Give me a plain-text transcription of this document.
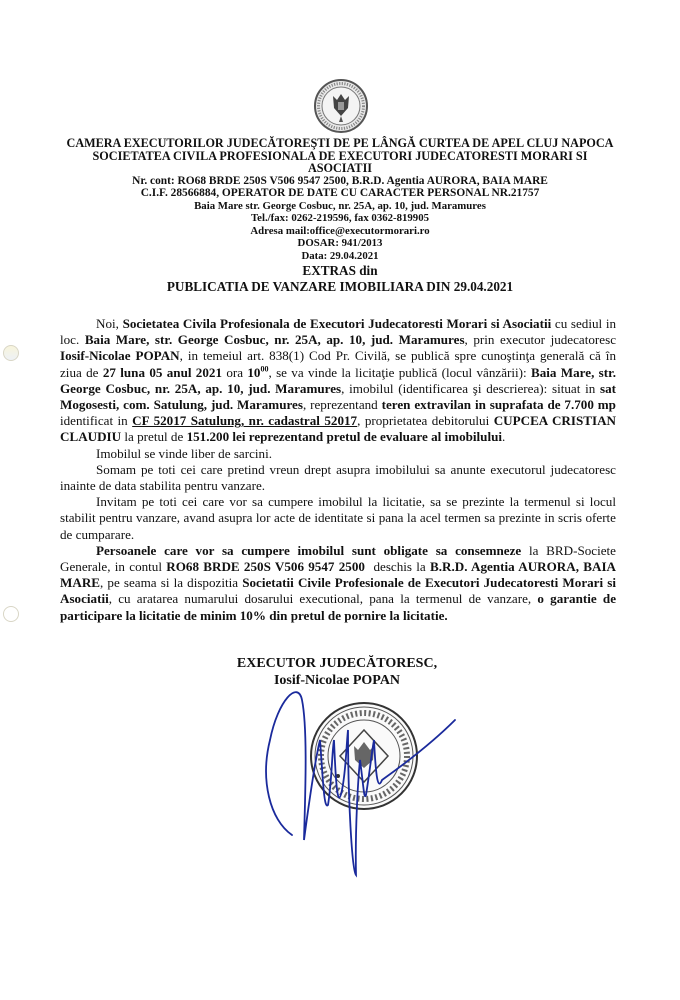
CAMERA EXECUTORILOR JUDECĂTOREŞTI DE PE LÂNGĂ CURTEA DE APEL CLUJ NAPOCA
SOCIETATEA CIVILA PROFESIONALA DE EXECUTORI JUDECATORESTI MORARI SI ASOCIATII
Nr. cont: RO68 BRDE 250S V506 9547 2500, B.R.D. Agentia AURORA, BAIA MARE
C.I.F. 28566884, OPERATOR DE DATE CU CARACTER PERSONAL NR.21757
Baia Mare str. George Cosbuc, nr. 25A, ap. 10, jud. Maramures
Tel./fax: 0262-219596, fax 0362-819905
Adresa mail:office@executormorari.ro
DOSAR: 941/2013
Data: 29.04.2021
EXTRAS din
PUBLICATIA DE VANZARE IMOBILIARA DIN 29.04.2021

Noi, Societatea Civila Profesionala de Executori Judecatoresti Morari si Asociatii cu sediul in loc. Baia Mare, str. George Cosbuc, nr. 25A, ap. 10, jud. Maramures, prin executor judecatoresc Iosif-Nicolae POPAN, in temeiul art. 838(1) Cod Pr. Civilă, se publică spre cunoştinţa generală că în ziua de 27 luna 05 anul 2021 ora $10^{00}$, se va vinde la licitaţie publică (locul vânzării): Baia Mare, str. George Cosbuc, nr. 25A, ap. 10, jud. Maramures, imobilul (identificarea şi descrierea): situat in sat Mogosesti, com. Satulung, jud. Maramures, reprezentand teren extravilan in suprafata de 7.700 mp identificat in CF 52017 Satulung, nr. cadastral 52017, proprietatea debitorului CUPCEA CRISTIAN CLAUDIU la pretul de 151.200 lei reprezentand pretul de evaluare al imobilului.

Imobilul se vinde liber de sarcini.

Somam pe toti cei care pretind vreun drept asupra imobilului sa anunte executorul judecatoresc inainte de data stabilita pentru vanzare.

Invitam pe toti cei care vor sa cumpere imobilul la licitatie, sa se prezinte la termenul si locul stabilit pentru vanzare, avand asupra lor acte de identitate si pana la acel termen sa prezinte in scris oferte de cumparare.

Persoanele care vor sa cumpere imobilul sunt obligate sa consemneze la BRD-Societe Generale, in contul RO68 BRDE 250S V506 9547 2500  deschis la B.R.D. Agentia AURORA, BAIA MARE, pe seama si la dispozitia Societatii Civile Profesionale de Executori Judecatoresti Morari si Asociatii, cu aratarea numarului dosarului executional, pana la termenul de vanzare, o garantie de participare la licitatie de minim 10% din pretul de pornire la licitatie.

EXECUTOR JUDECĂTORESC,
Iosif-Nicolae POPAN
